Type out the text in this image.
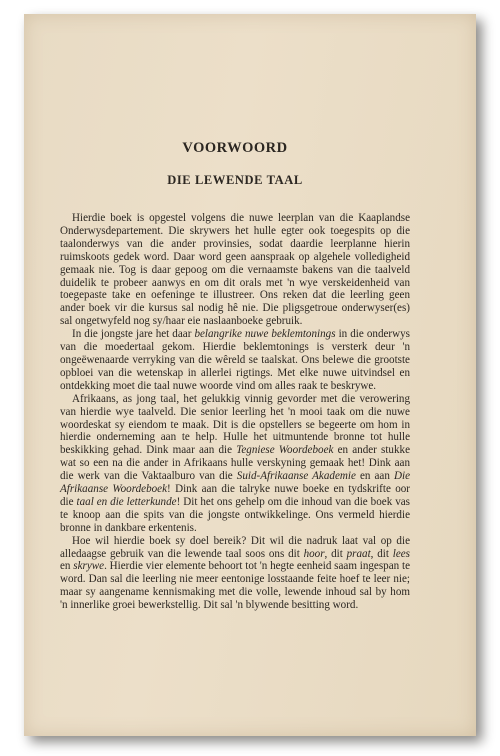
VOORWOORD
DIE LEWENDE TAAL

Hierdie boek is opgestel volgens die nuwe leerplan van die Kaaplandse Onderwysdepartement. Die skrywers het hulle egter ook toegespits op die taalonderwys van die ander provinsies, sodat daardie leerplanne hierin ruimskoots gedek word. Daar word geen aanspraak op algehele volledigheid gemaak nie. Tog is daar gepoog om die vernaamste bakens van die taalveld duidelik te probeer aanwys en om dit orals met 'n wye verskeidenheid van toegepaste take en oefeninge te illustreer. Ons reken dat die leerling geen ander boek vir die kursus sal nodig hê nie. Die pligsgetroue onderwyser(es) sal ongetwyfeld nog sy/haar eie naslaanboeke gebruik.

In die jongste jare het daar belangrike nuwe beklemtonings in die onderwys van die moedertaal gekom. Hierdie beklemtonings is versterk deur 'n ongeëwenaarde verryking van die wêreld se taalskat. Ons belewe die grootste opbloei van die wetenskap in allerlei rigtings. Met elke nuwe uitvindsel en ontdekking moet die taal nuwe woorde vind om alles raak te beskrywe.

Afrikaans, as jong taal, het gelukkig vinnig gevorder met die verowering van hierdie wye taalveld. Die senior leerling het 'n mooi taak om die nuwe woordeskat sy eiendom te maak. Dit is die opstellers se begeerte om hom in hierdie onderneming aan te help. Hulle het uitmuntende bronne tot hulle beskikking gehad. Dink maar aan die Tegniese Woordeboek en ander stukke wat so een na die ander in Afrikaans hulle verskyning gemaak het! Dink aan die werk van die Vaktaalburo van die Suid-Afrikaanse Akademie en aan Die Afrikaanse Woordeboek! Dink aan die talryke nuwe boeke en tydskrifte oor die taal en die letterkunde! Dit het ons gehelp om die inhoud van die boek vas te knoop aan die spits van die jongste ontwikkelinge. Ons vermeld hierdie bronne in dankbare erkentenis.

Hoe wil hierdie boek sy doel bereik? Dit wil die nadruk laat val op die alledaagse gebruik van die lewende taal soos ons dit hoor, dit praat, dit lees en skrywe. Hierdie vier elemente behoort tot 'n hegte eenheid saam ingespan te word. Dan sal die leerling nie meer eentonige losstaande feite hoef te leer nie; maar sy aangename kennismaking met die volle, lewende inhoud sal by hom 'n innerlike groei bewerkstellig. Dit sal 'n blywende besitting word.
